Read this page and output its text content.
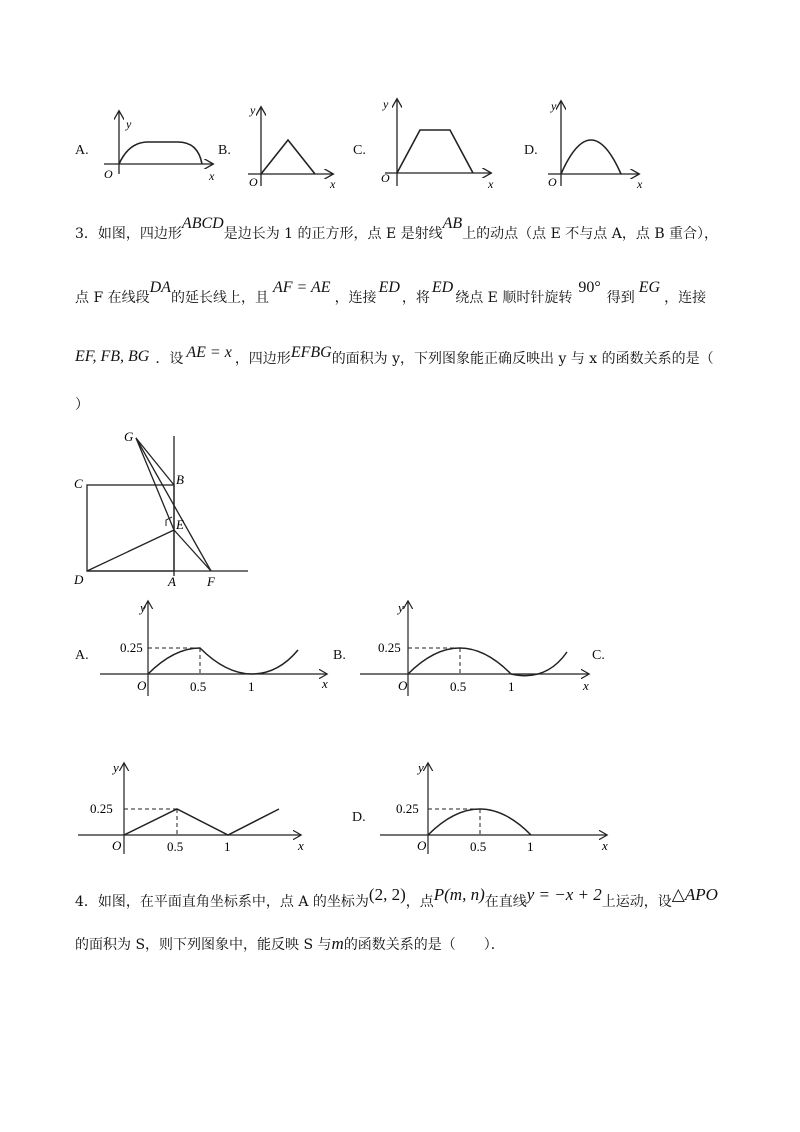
A.	B.	C.	D.
y
x
O
y
x
O
y
x
O
y
x
O
3．如图，四边形ABCD是边长为 1 的正方形，点 E 是射线AB上的动点（点 E 不与点 A，点 B 重合），
点 F 在线段DA的延长线上，且AF = AE，连接ED，将ED绕点 E 顺时针旋转90°得到EG，连接
EF, FB, BG ．设 AE = x ，四边形EFBG的面积为 y，下列图象能正确反映出 y 与 x 的函数关系的是（
）
G
C	B
E
D	A F
A.	B.	C.
D.
y
0.25
O	0.5	1	x
y
0.25
O	0.5	1	x
y
0.25
O	0.5	1	x
y
0.25
O	0.5	1	x
4．如图，在平面直角坐标系中，点 A 的坐标为(2, 2)，点P(m, n)在直线y = −x + 2上运动，设△APO
的面积为 S，则下列图象中，能反映 S 与m的函数关系的是（　　）．
